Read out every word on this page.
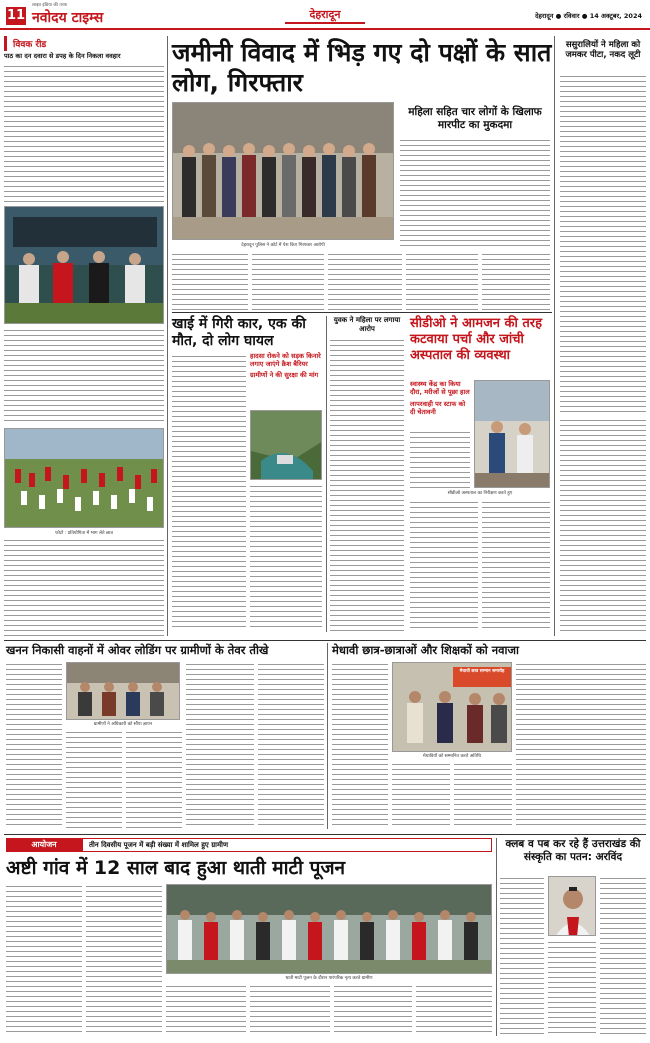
11
लाइव इंडिया की तरफ
नवोदय टाइम्स	देहरादून	देहरादून ● रविवार ● 14 अक्टूबर, 2024
विवक रीड
पाठ का दन दवारा से डपह के दिन निकला ववहार
फोटो : प्रतियोगिता में भाग लेते छात्र
जमीनी विवाद में भिड़ गए दो पक्षों के सात लोग, गिरफ्तार
देहरादून पुलिस ने कोर्ट में पेश किए गिरफ्तार आरोपी
महिला सहित चार लोगों के खिलाफ मारपीट का मुकदमा
ससुरालियों ने महिला को जमकर पीटा, नकद लूटी
खाई में गिरी कार, एक की मौत, दो लोग घायल
हादसा रोकने को सड़क किनारे लगाए जाएंगे क्रैश बैरियर
ग्रामीणों ने की सुरक्षा की मांग
युवक ने महिला पर लगाया आरोप	सीडीओ ने आमजन की तरह कटवाया पर्चा और जांची अस्पताल की व्यवस्था
स्वास्थ्य केंद्र का किया दौरा, मरीजों से पूछा हाल
लापरवाही पर स्टाफ को दी चेतावनी
सीडीओ अस्पताल का निरीक्षण करते हुए
खनन निकासी वाहनों में ओवर लोडिंग पर ग्रामीणों के तेवर तीखे
ग्रामीणों ने अधिकारी को सौंपा ज्ञापन
मेधावी छात्र-छात्राओं और शिक्षकों को नवाजा
मेधावी छात्र सम्मान समारोह
मेधावियों को सम्मानित करते अतिथि
आयोजन	तीन दिवसीय पूजन में बड़ी संख्या में शामिल हुए ग्रामीण
अष्टी गांव में 12 साल बाद हुआ थाती माटी पूजन
थाती माटी पूजन के दौरान पारंपरिक नृत्य करते ग्रामीण
क्लब व पब कर रहे हैं उत्तराखंड की संस्कृति का पतन: अरविंद
